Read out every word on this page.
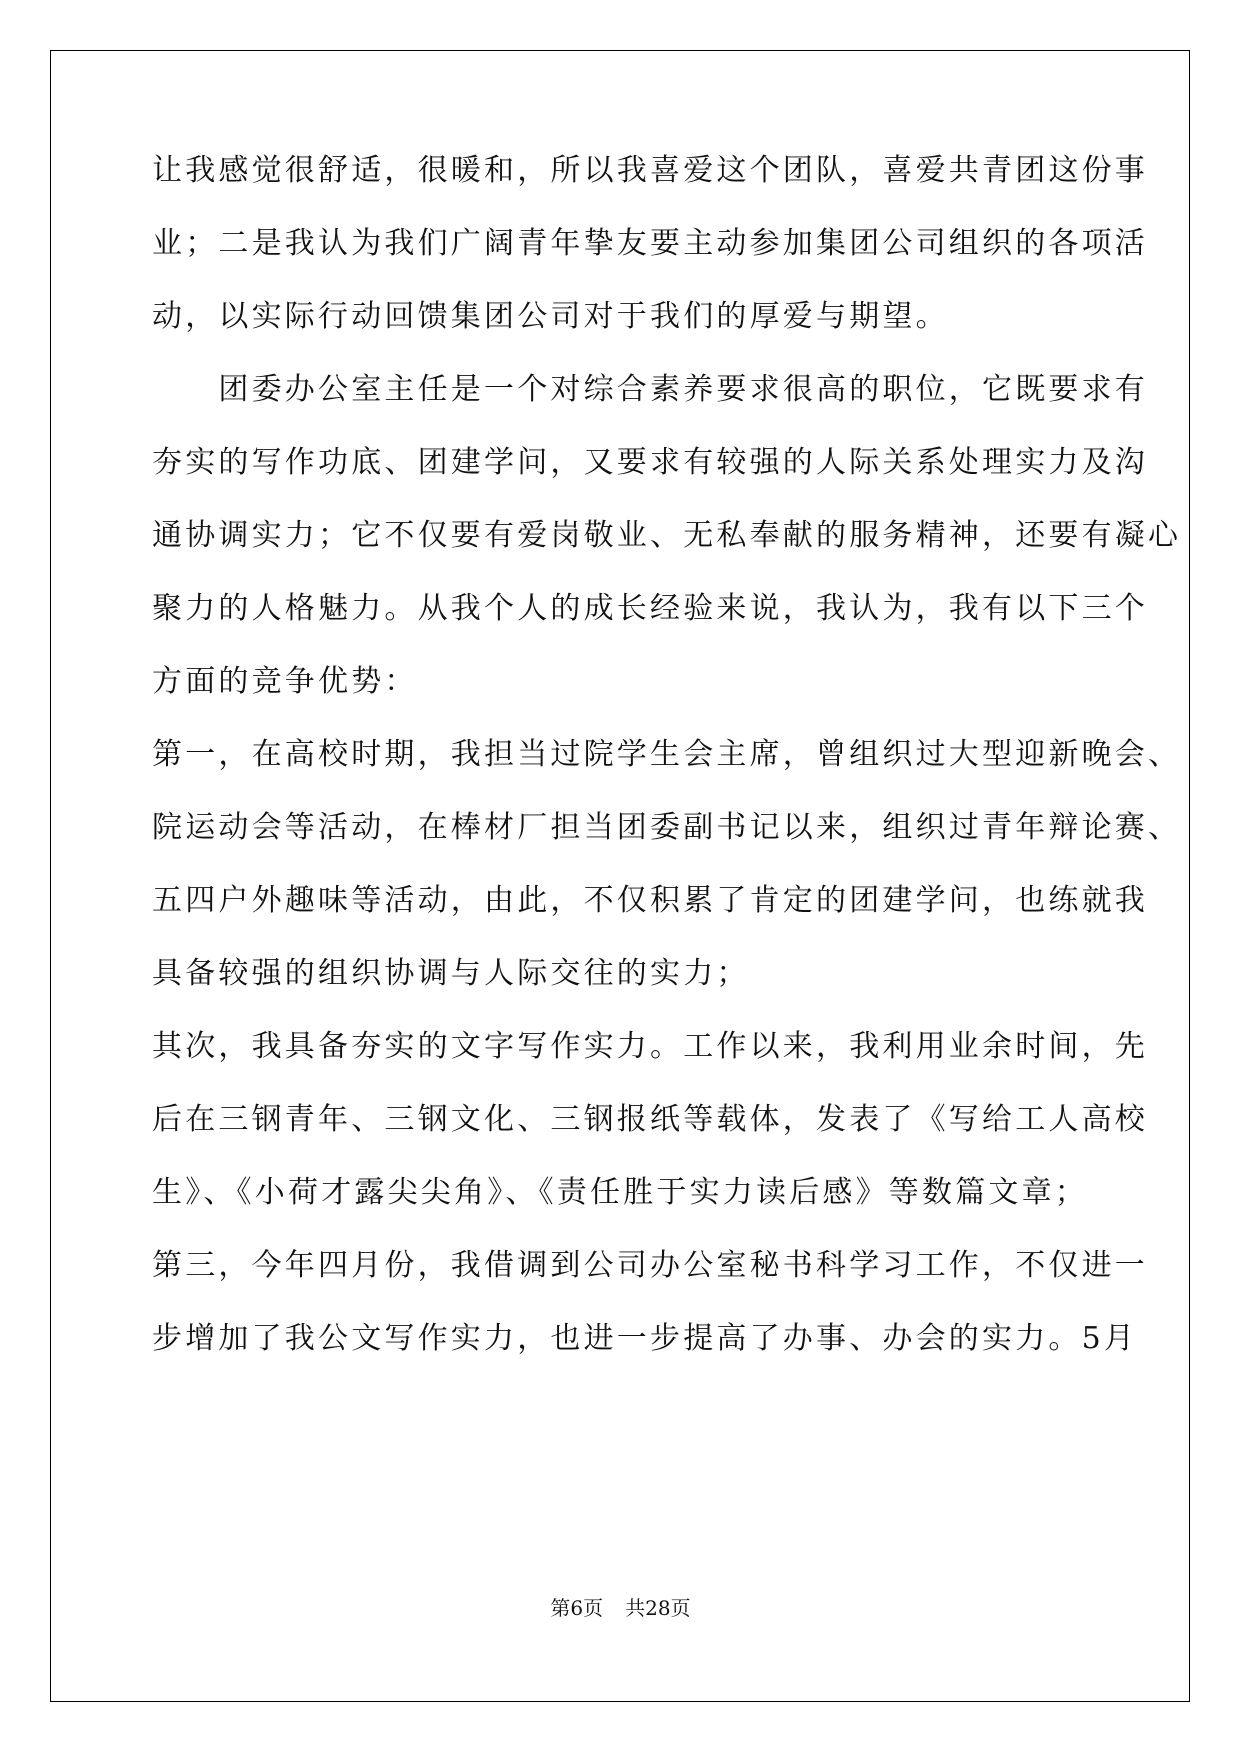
让我感觉很舒适，很暖和，所以我喜爱这个团队，喜爱共青团这份事
业；二是我认为我们广阔青年挚友要主动参加集团公司组织的各项活
动，以实际行动回馈集团公司对于我们的厚爱与期望。
　　团委办公室主任是一个对综合素养要求很高的职位，它既要求有
夯实的写作功底、团建学问，又要求有较强的人际关系处理实力及沟
通协调实力；它不仅要有爱岗敬业、无私奉献的服务精神，还要有凝心
聚力的人格魅力。从我个人的成长经验来说，我认为，我有以下三个
方面的竞争优势：
第一，在高校时期，我担当过院学生会主席，曾组织过大型迎新晚会、
院运动会等活动，在棒材厂担当团委副书记以来，组织过青年辩论赛、
五四户外趣味等活动，由此，不仅积累了肯定的团建学问，也练就我
具备较强的组织协调与人际交往的实力；
其次，我具备夯实的文字写作实力。工作以来，我利用业余时间，先
后在三钢青年、三钢文化、三钢报纸等载体，发表了《写给工人高校
生》、《小荷才露尖尖角》、《责任胜于实力读后感》等数篇文章；
第三，今年四月份，我借调到公司办公室秘书科学习工作，不仅进一
步增加了我公文写作实力，也进一步提高了办事、办会的实力。5月
第6页 共28页
